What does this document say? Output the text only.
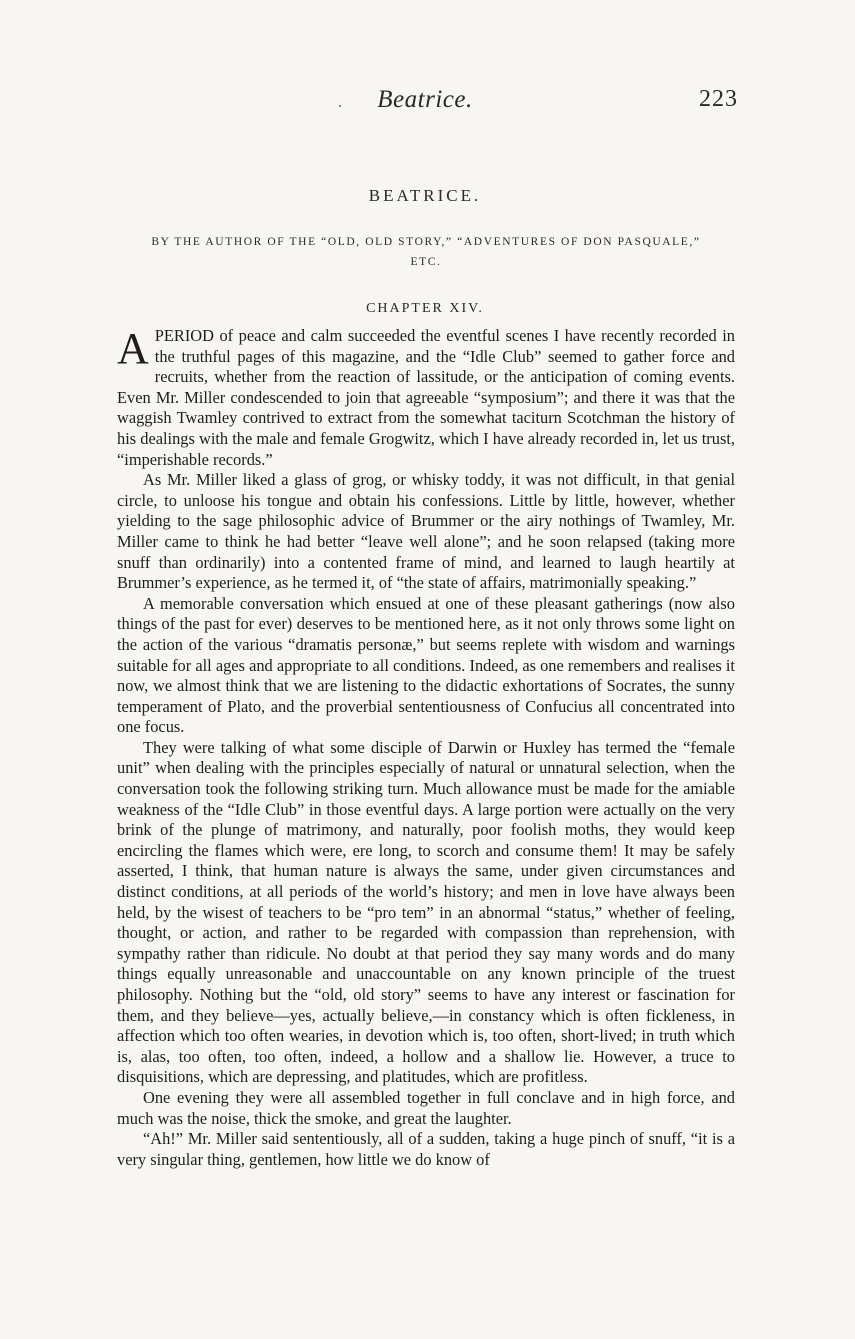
.	Beatrice.	223
BEATRICE.
BY THE AUTHOR OF THE “OLD, OLD STORY,” “ADVENTURES OF DON PASQUALE,” ETC.
CHAPTER XIV.

APERIOD of peace and calm succeeded the eventful scenes I have recently recorded in the truthful pages of this magazine, and the “Idle Club” seemed to gather force and recruits, whether from the reaction of lassitude, or the anticipation of coming events. Even Mr. Miller condescended to join that agreeable “symposium”; and there it was that the waggish Twamley contrived to extract from the somewhat taciturn Scotchman the history of his dealings with the male and female Grogwitz, which I have already recorded in, let us trust, “imperishable records.”

As Mr. Miller liked a glass of grog, or whisky toddy, it was not difficult, in that genial circle, to unloose his tongue and obtain his confessions. Little by little, however, whether yielding to the sage philosophic advice of Brummer or the airy nothings of Twamley, Mr. Miller came to think he had better “leave well alone”; and he soon relapsed (taking more snuff than ordinarily) into a contented frame of mind, and learned to laugh heartily at Brummer’s experience, as he termed it, of “the state of affairs, matrimonially speaking.”

A memorable conversation which ensued at one of these pleasant gatherings (now also things of the past for ever) deserves to be mentioned here, as it not only throws some light on the action of the various “dramatis personæ,” but seems replete with wisdom and warnings suitable for all ages and appropriate to all conditions. Indeed, as one remembers and realises it now, we almost think that we are listening to the didactic exhortations of Socrates, the sunny temperament of Plato, and the proverbial sententiousness of Confucius all concentrated into one focus.

They were talking of what some disciple of Darwin or Huxley has termed the “female unit” when dealing with the principles especially of natural or unnatural selection, when the conversation took the following striking turn. Much allowance must be made for the amiable weakness of the “Idle Club” in those eventful days. A large portion were actually on the very brink of the plunge of matrimony, and naturally, poor foolish moths, they would keep encircling the flames which were, ere long, to scorch and consume them! It may be safely asserted, I think, that human nature is always the same, under given circumstances and distinct conditions, at all periods of the world’s history; and men in love have always been held, by the wisest of teachers to be “pro tem” in an abnormal “status,” whether of feeling, thought, or action, and rather to be regarded with compassion than reprehension, with sympathy rather than ridicule. No doubt at that period they say many words and do many things equally unreasonable and unaccountable on any known principle of the truest philosophy. Nothing but the “old, old story” seems to have any interest or fascination for them, and they believe—yes, actually believe,—in constancy which is often fickleness, in affection which too often wearies, in devotion which is, too often, short-lived; in truth which is, alas, too often, too often, indeed, a hollow and a shallow lie. However, a truce to disquisitions, which are depressing, and platitudes, which are profitless.

One evening they were all assembled together in full conclave and in high force, and much was the noise, thick the smoke, and great the laughter.

“Ah!” Mr. Miller said sententiously, all of a sudden, taking a huge pinch of snuff, “it is a very singular thing, gentlemen, how little we do know of
